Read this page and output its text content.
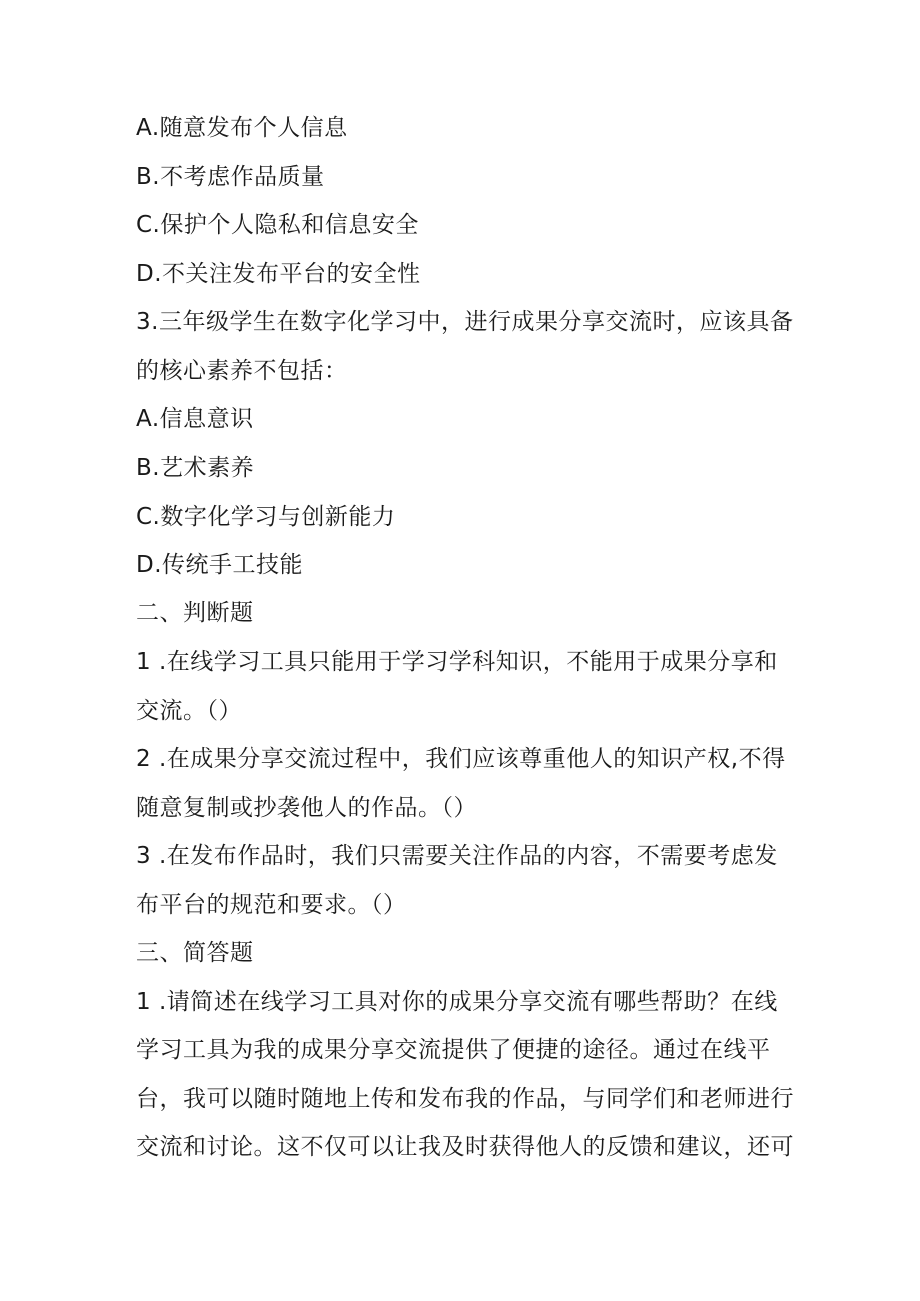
A.随意发布个人信息
B.不考虑作品质量
C.保护个人隐私和信息安全
D.不关注发布平台的安全性
3.三年级学生在数字化学习中，进行成果分享交流时，应该具备
的核心素养不包括：
A.信息意识
B.艺术素养
C.数字化学习与创新能力
D.传统手工技能
二、判断题
1 .在线学习工具只能用于学习学科知识，不能用于成果分享和
交流。（）
2 .在成果分享交流过程中，我们应该尊重他人的知识产权,不得
随意复制或抄袭他人的作品。（）
3 .在发布作品时，我们只需要关注作品的内容，不需要考虑发
布平台的规范和要求。（）
三、简答题
1 .请简述在线学习工具对你的成果分享交流有哪些帮助？在线
学习工具为我的成果分享交流提供了便捷的途径。通过在线平
台，我可以随时随地上传和发布我的作品，与同学们和老师进行
交流和讨论。这不仅可以让我及时获得他人的反馈和建议，还可
